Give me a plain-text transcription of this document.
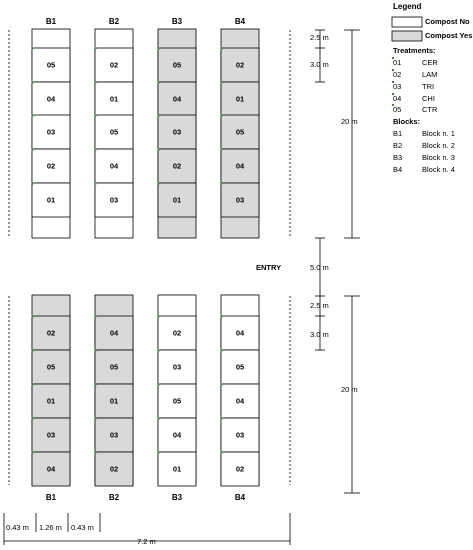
05
04
03
02
01
B1
02
01
05
04
03
B2
05
04
03
02
01
B3
02
01
05
04
03
B4
02
05
01
03
04
B1
04
05
01
03
02
B2
02
03
05
04
01
B3
04
05
04
03
02
B4
Legend
Compost No
Compost Yes
Treatments:
01	CER
02	LAM
03	TRI
04	CHI
05	CTR
Blocks:
B1	Block n. 1
B2	Block n. 2
B3	Block n. 3
B4	Block n. 4
2.5 m
3.0 m
20 m
ENTRY	5.0 m
2.5 m
3.0 m
20 m
0.43 m 1.26 m 0.43 m
7.2 m
